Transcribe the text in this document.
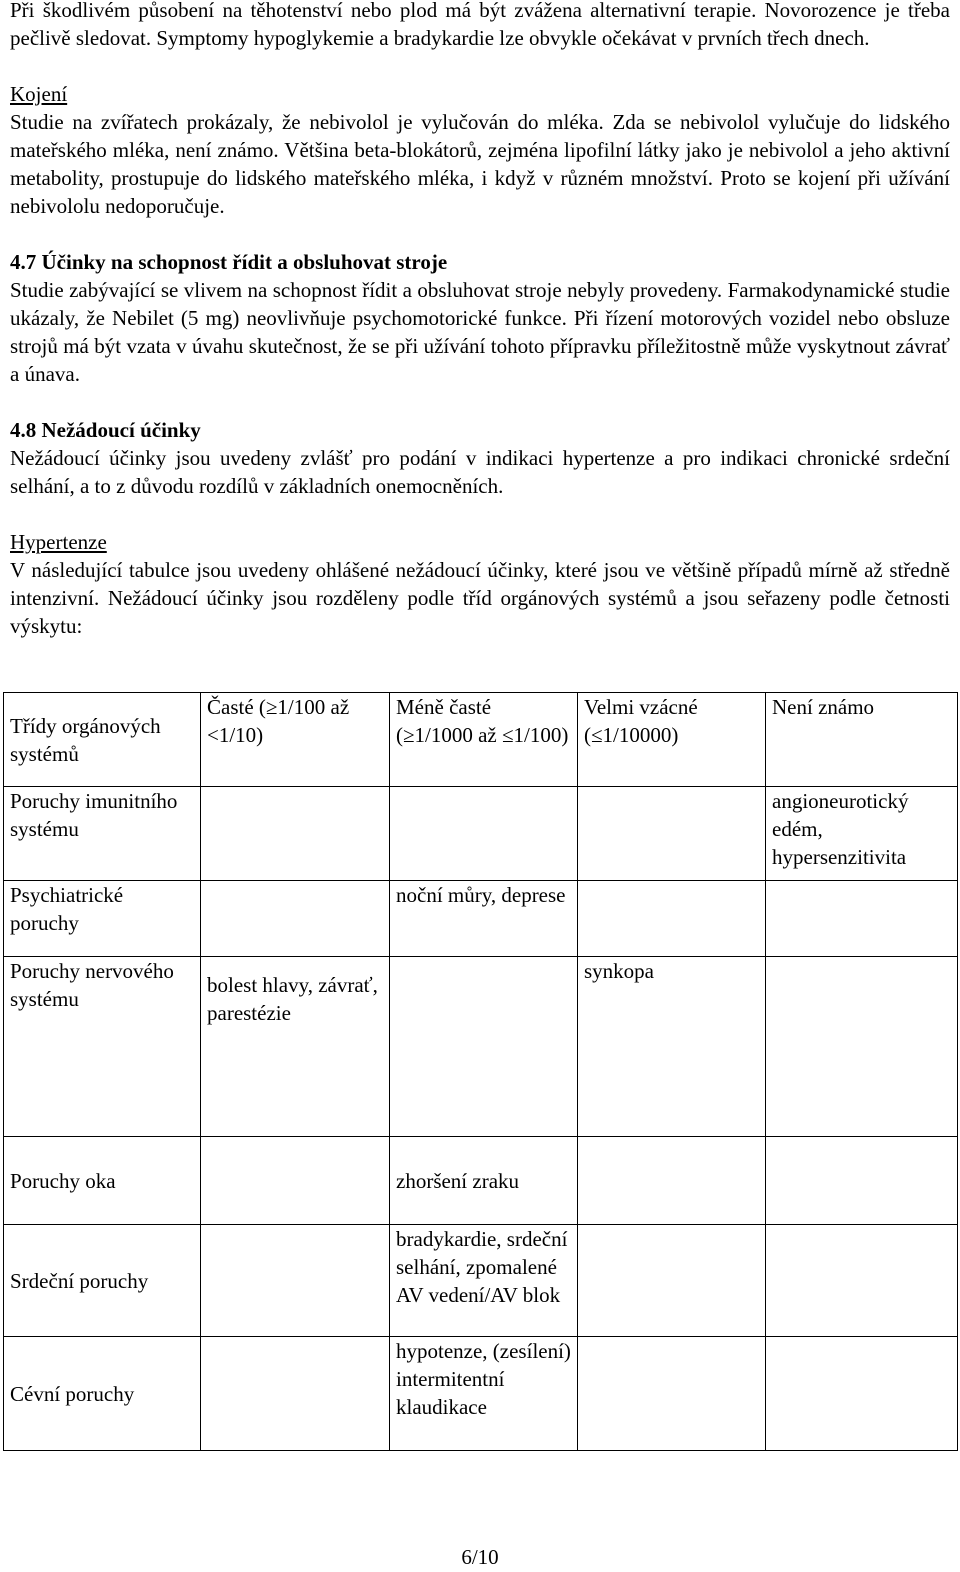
Při škodlivém působení na těhotenství nebo plod má být zvážena alternativní terapie. Novorozence je třeba pečlivě sledovat. Symptomy hypoglykemie a bradykardie lze obvykle očekávat v prvních třech dnech.

Kojení

Studie na zvířatech prokázaly, že nebivolol je vylučován do mléka. Zda se nebivolol vylučuje do lidského mateřského mléka, není známo. Většina beta-blokátorů, zejména lipofilní látky jako je nebivolol a jeho aktivní metabolity, prostupuje do lidského mateřského mléka, i když v různém množství. Proto se kojení při užívání nebivololu nedoporučuje.

4.7 Účinky na schopnost řídit a obsluhovat stroje

Studie zabývající se vlivem na schopnost řídit a obsluhovat stroje nebyly provedeny. Farmakodynamické studie ukázaly, že Nebilet (5 mg) neovlivňuje psychomotorické funkce. Při řízení motorových vozidel nebo obsluze strojů má být vzata v úvahu skutečnost, že se při užívání tohoto přípravku příležitostně může vyskytnout závrať a únava.

4.8 Nežádoucí účinky

Nežádoucí účinky jsou uvedeny zvlášť pro podání v indikaci hypertenze a pro indikaci chronické srdeční selhání, a to z důvodu rozdílů v základních onemocněních.

Hypertenze

V následující tabulce jsou uvedeny ohlášené nežádoucí účinky, které jsou ve většině případů mírně až středně intenzivní. Nežádoucí účinky jsou rozděleny podle tříd orgánových systémů a jsou seřazeny podle četnosti výskytu:

Třídy orgánových systémů	Časté (≥1/100 až <1/10)	Méně časté (≥1/1000 až ≤1/100)	Velmi vzácné (≤1/10000)	Není známo
Poruchy imunitního systému				angioneurotický edém, hypersenzitivita
Psychiatrické poruchy		noční můry, deprese		
Poruchy nervového systému	bolest hlavy, závrať, parestézie		synkopa	
Poruchy oka		zhoršení zraku		
Srdeční poruchy		bradykardie, srdeční selhání, zpomalené AV vedení/AV blok		
Cévní poruchy		hypotenze, (zesílení) intermitentní klaudikace		
6/10
